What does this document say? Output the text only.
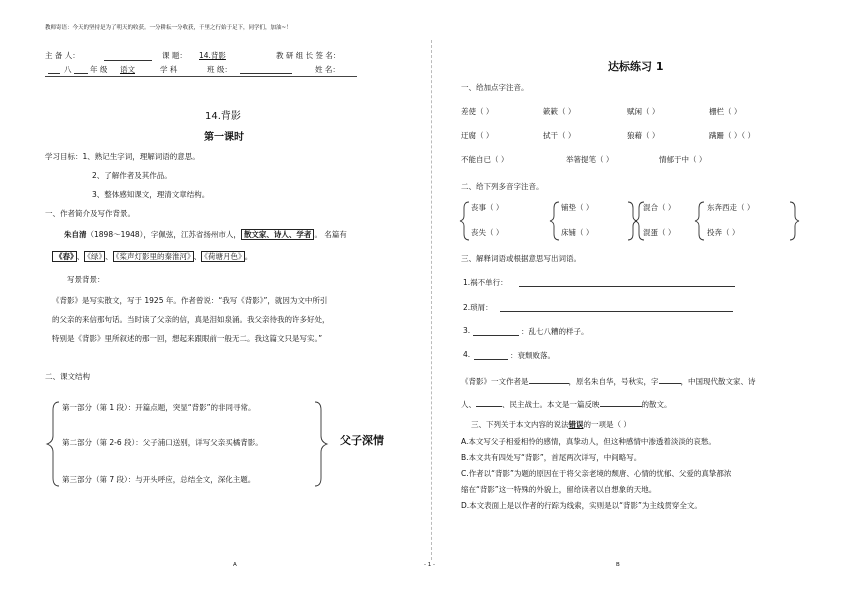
教师寄语：今天的坚持是为了明天的收获。一分耕耘一分收获，千里之行始于足下，同学们，加油~！
主 备 人：	课 题： 14.背影	教 研 组 长 签 名：
八 年 级 语文	学 科	班 级：	姓 名：
14.背影
第一课时
学习目标：1、熟记生字词，理解词语的意思。
2、了解作者及其作品。
3、整体感知课文，理清文章结构。
一、作者简介及写作背景。
朱自清（1898～1948），字佩弦，江苏省扬州市人， 散文家、诗人、学者 。 名篇有
《春》 、 《绿》 、 《桨声灯影里的秦淮河》 、 《荷塘月色》 。
写景背景：
《背影》是写实散文，写于 1925 年。作者曾说：“我写《背影》”，就因为文中所引
的父亲的来信那句话。当时读了父亲的信，真是泪如泉涌。我父亲待我的许多好处，
特别是《背影》里所叙述的那一回，想起来跟眼前一般无二。我这篇文只是写实。”
二、课文结构
第一部分（第 1 段）：开篇点题，突显“背影”的非同寻常。
第二部分（第 2-6 段）：父子浦口送别，详写父亲买橘背影。
第三部分（第 7 段）：与开头呼应，总结全文，深化主题。
父子深情
达标练习 1
一、给加点字注音。
差使（ ）	簌簌（ ）	赋闲（ ）	栅栏（ ）
迂腐（ ）	拭干（ ）	狼藉（ ）	蹒跚（ ）（ ）
不能自已（ ）	举箸提笔（ ）	情郁于中（ ）
二、给下列多音字注音。
丧事（ ）
丧失（ ）
铺垫（ ）
床铺（ ）
混合（ ）
混蛋（ ）
东奔西走（ ）
投奔（ ）
三、解释词语或根据意思写出词语。
1.祸不单行：
2.琐屑：
3.	：乱七八糟的样子。
4.	：衰颓败落。
《背影》一文作者是	，原名朱自华，号秋实，字	，中国现代散文家、诗
人、	、民主战士。本文是一篇反映	的散文。
三、下列关于本文内容的说法错误的一项是（ ）
A.本文写父子相爱相怜的感情，真挚动人，但这种感情中渗透着淡淡的哀愁。
B.本文共有四处写“背影”，首尾两次详写，中间略写。
C.作者以“背影”为题的原因在于将父亲老境的颓唐、心情的忧郁、父爱的真挚都浓
缩在“背影”这一特殊的外貌上，留给读者以自想象的天地。
D.本文表面上是以作者的行踪为线索，实则是以“背影”为主线贯穿全文。
A	- 1 -	B
